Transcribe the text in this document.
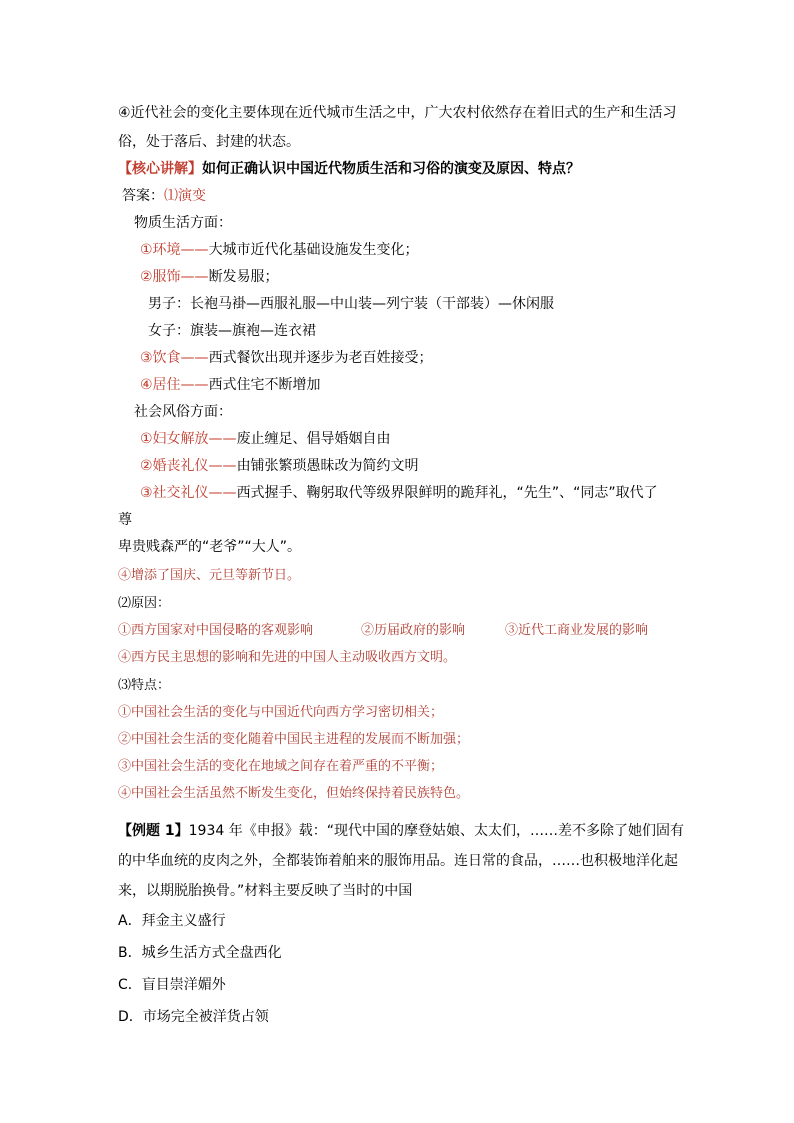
④近代社会的变化主要体现在近代城市生活之中，广大农村依然存在着旧式的生产和生活习
俗，处于落后、封建的状态。
【核心讲解】如何正确认识中国近代物质生活和习俗的演变及原因、特点？
答案：⑴演变
物质生活方面：
①环境——大城市近代化基础设施发生变化；
②服饰——断发易服；
男子：长袍马褂—西服礼服—中山装—列宁装（干部装）—休闲服
女子：旗装—旗袍—连衣裙
③饮食——西式餐饮出现并逐步为老百姓接受；
④居住——西式住宅不断增加
社会风俗方面：
①妇女解放——废止缠足、倡导婚姻自由
②婚丧礼仪——由铺张繁琐愚昧改为简约文明
③社交礼仪——西式握手、鞠躬取代等级界限鲜明的跪拜礼，“先生”、“同志”取代了
尊
卑贵贱森严的“老爷”“大人”。
④增添了国庆、元旦等新节日。
⑵原因：
①西方国家对中国侵略的客观影响	②历届政府的影响	③近代工商业发展的影响
④西方民主思想的影响和先进的中国人主动吸收西方文明。
⑶特点：
①中国社会生活的变化与中国近代向西方学习密切相关；
②中国社会生活的变化随着中国民主进程的发展而不断加强；
③中国社会生活的变化在地域之间存在着严重的不平衡；
④中国社会生活虽然不断发生变化，但始终保持着民族特色。
【例题 1】1934 年《申报》载：“现代中国的摩登姑娘、太太们，……差不多除了她们固有
的中华血统的皮肉之外，全都装饰着舶来的服饰用品。连日常的食品，……也积极地洋化起
来，以期脱胎换骨。”材料主要反映了当时的中国
A．拜金主义盛行
B．城乡生活方式全盘西化
C．盲目崇洋媚外
D．市场完全被洋货占领
